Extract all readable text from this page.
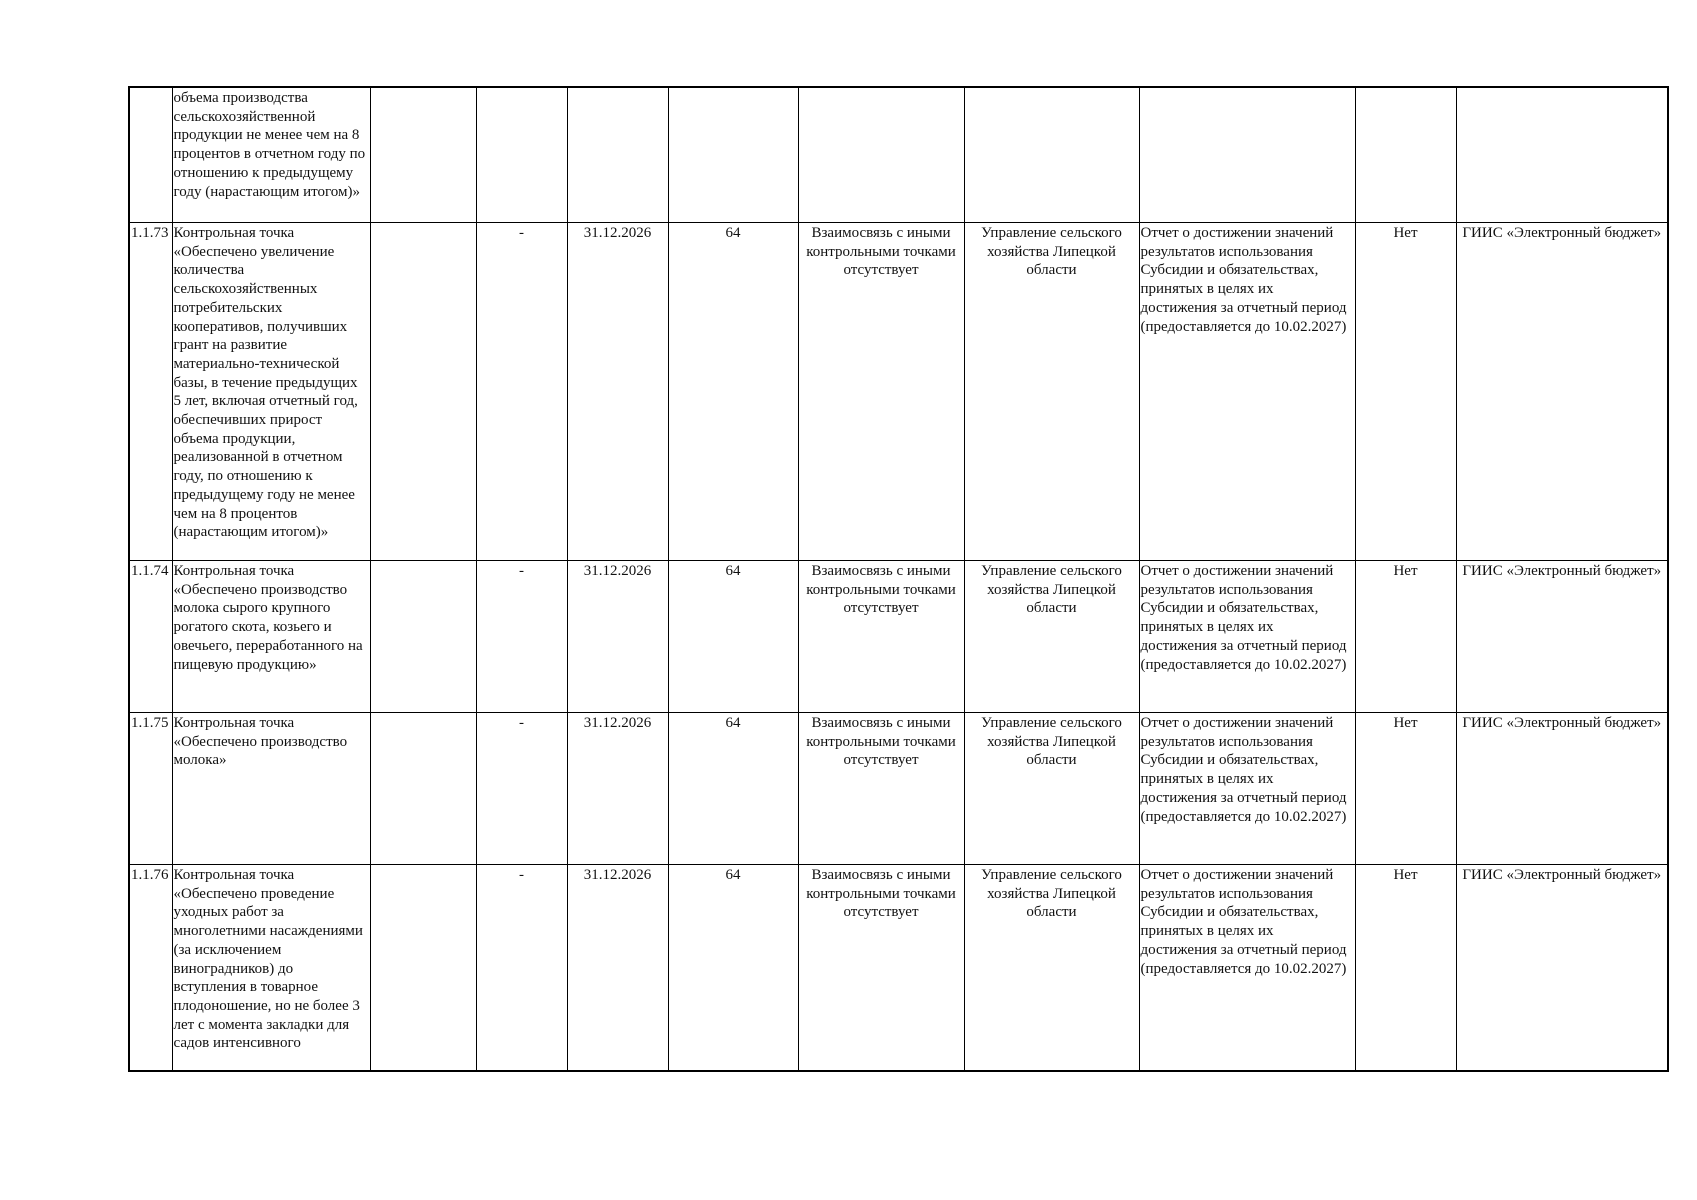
	объема производства сельскохозяйственной продукции не менее чем на 8 процентов в отчетном году по отношению к предыдущему году (нарастающим итогом)»									
1.1.73	Контрольная точка «Обеспечено увеличение количества сельскохозяйственных потребительских кооперативов, получивших грант на развитие материально-технической базы, в течение предыдущих 5 лет, включая отчетный год, обеспечивших прирост объема продукции, реализованной в отчетном году, по отношению к предыдущему году не менее чем на 8 процентов (нарастающим итогом)»		-	31.12.2026	64	Взаимосвязь с иными контрольными точками отсутствует	Управление сельского хозяйства Липецкой области	Отчет о достижении значений результатов использования Субсидии и обязательствах, принятых в целях их достижения за отчетный период (предоставляется до 10.02.2027)	Нет	ГИИС «Электронный бюджет»
1.1.74	Контрольная точка «Обеспечено производство молока сырого крупного рогатого скота, козьего и овечьего, переработанного на пищевую продукцию»		-	31.12.2026	64	Взаимосвязь с иными контрольными точками отсутствует	Управление сельского хозяйства Липецкой области	Отчет о достижении значений результатов использования Субсидии и обязательствах, принятых в целях их достижения за отчетный период (предоставляется до 10.02.2027)	Нет	ГИИС «Электронный бюджет»
1.1.75	Контрольная точка «Обеспечено производство молока»		-	31.12.2026	64	Взаимосвязь с иными контрольными точками отсутствует	Управление сельского хозяйства Липецкой области	Отчет о достижении значений результатов использования Субсидии и обязательствах, принятых в целях их достижения за отчетный период (предоставляется до 10.02.2027)	Нет	ГИИС «Электронный бюджет»
1.1.76	Контрольная точка «Обеспечено проведение уходных работ за многолетними насаждениями (за исключением виноградников) до вступления в товарное плодоношение, но не более 3 лет с момента закладки для садов интенсивного		-	31.12.2026	64	Взаимосвязь с иными контрольными точками отсутствует	Управление сельского хозяйства Липецкой области	Отчет о достижении значений результатов использования Субсидии и обязательствах, принятых в целях их достижения за отчетный период (предоставляется до 10.02.2027)	Нет	ГИИС «Электронный бюджет»
